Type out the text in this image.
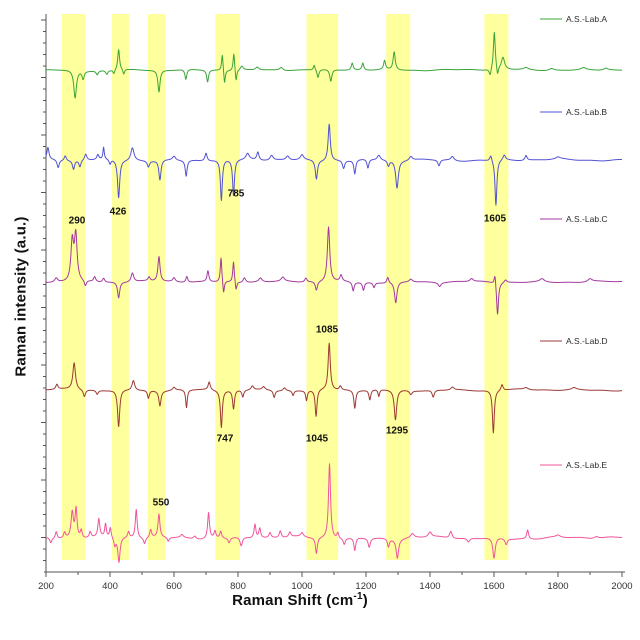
200	400	600	800	1000	1200	1400	1600	1800	2000
A.S.-Lab.A
A.S.-Lab.B
A.S.-Lab.C
A.S.-Lab.D
A.S.-Lab.E
290
426
785
1605
1085
747	1045
1295
550
Raman intensity (a.u.)
Raman Shift $(cm^{-1})$
